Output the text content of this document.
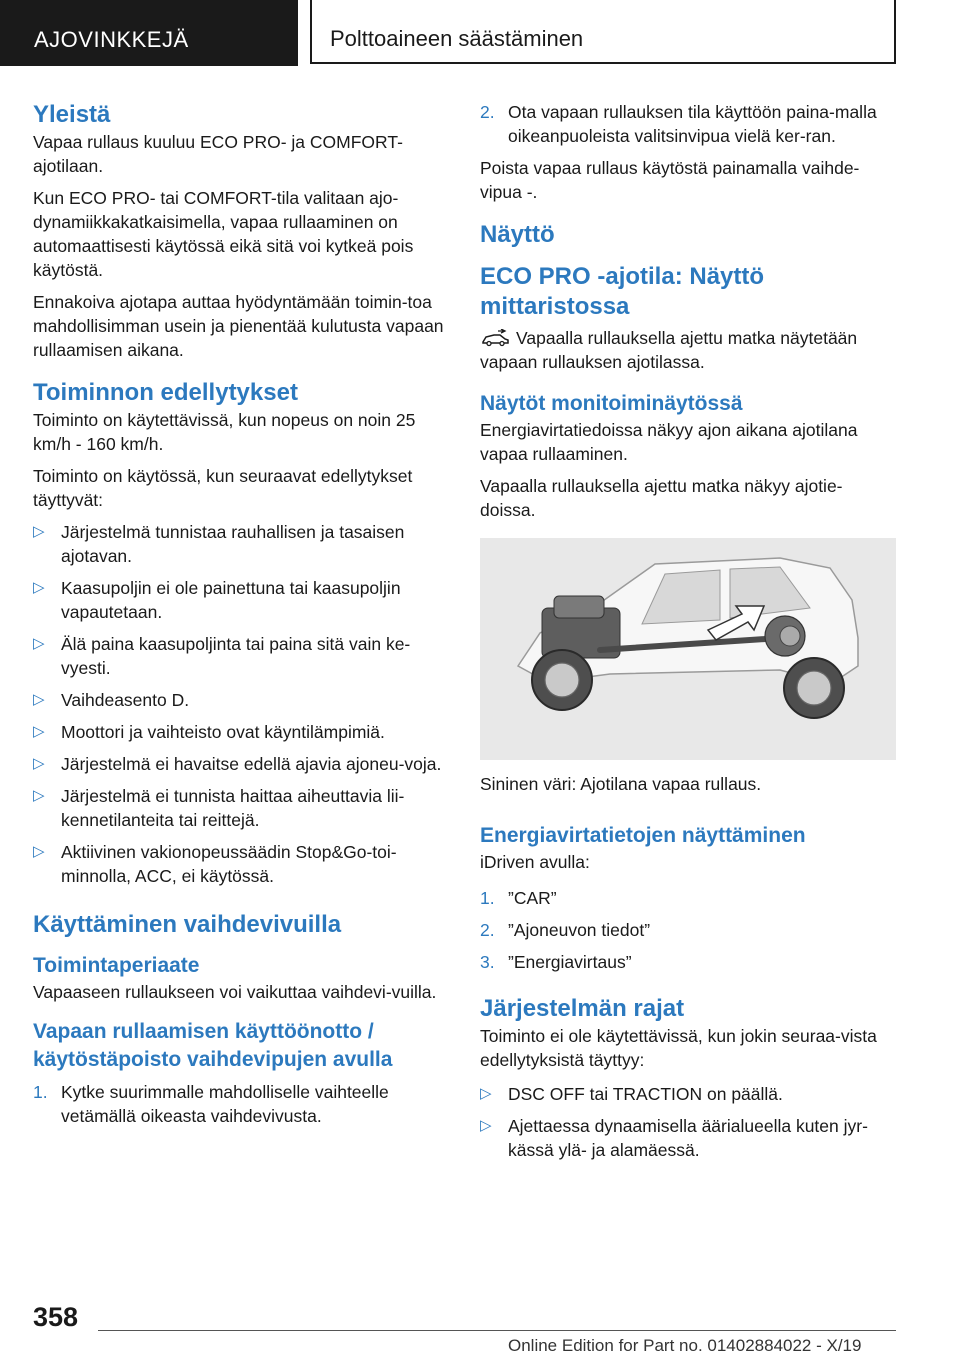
AJOVINKKEJÄ	Polttoaineen säästäminen
Yleistä

Vapaa rullaus kuuluu ECO PRO- ja COMFORT-ajotilaan.

Kun ECO PRO- tai COMFORT-tila valitaan ajo-dynamiikkakatkaisimella, vapaa rullaaminen on automaattisesti käytössä eikä sitä voi kytkeä pois käytöstä.

Ennakoiva ajotapa auttaa hyödyntämään toimin-toa mahdollisimman usein ja pienentää kulutusta vapaan rullaamisen aikana.

Toiminnon edellytykset

Toiminto on käytettävissä, kun nopeus on noin 25 km/h - 160 km/h.

Toiminto on käytössä, kun seuraavat edellytykset täyttyvät:

▷ Järjestelmä tunnistaa rauhallisen ja tasaisen ajotavan.
▷ Kaasupoljin ei ole painettuna tai kaasupoljin vapautetaan.
▷ Älä paina kaasupoljinta tai paina sitä vain ke-vyesti.
▷ Vaihdeasento D.
▷ Moottori ja vaihteisto ovat käyntilämpimiä.
▷ Järjestelmä ei havaitse edellä ajavia ajoneu-voja.
▷ Järjestelmä ei tunnista haittaa aiheuttavia lii-kennetilanteita tai reittejä.
▷ Aktiivinen vakionopeussäädin Stop&Go-toi-minnolla, ACC, ei käytössä.
Käyttäminen vaihdevivuilla
Toimintaperiaate

Vapaaseen rullaukseen voi vaikuttaa vaihdevi-vuilla.

Vapaan rullaamisen käyttöönotto / käytöstäpoisto vaihdevipujen avulla
1. Kytke suurimmalle mahdolliselle vaihteelle vetämällä oikeasta vaihdevivusta.
2. Ota vapaan rullauksen tila käyttöön paina-malla oikeanpuoleista valitsinvipua vielä ker-ran.

Poista vapaa rullaus käytöstä painamalla vaihde-vipua -.

Näyttö
ECO PRO -ajotila: Näyttö mittaristossa

Vapaalla rullauksella ajettu matka näytetään vapaan rullauksen ajotilassa.

Näytöt monitoiminäytössä

Energiavirtatiedoissa näkyy ajon aikana ajotilana vapaa rullaaminen.

Vapaalla rullauksella ajettu matka näkyy ajotie-doissa.

Sininen väri: Ajotilana vapaa rullaus.

Energiavirtatietojen näyttäminen

iDriven avulla:

1. ”CAR”
2. ”Ajoneuvon tiedot”
3. ”Energiavirtaus”
Järjestelmän rajat

Toiminto ei ole käytettävissä, kun jokin seuraa-vista edellytyksistä täyttyy:

▷ DSC OFF tai TRACTION on päällä.
▷ Ajettaessa dynaamisella äärialueella kuten jyr-kässä ylä- ja alamäessä.
358
Online Edition for Part no. 01402884022 - X/19
